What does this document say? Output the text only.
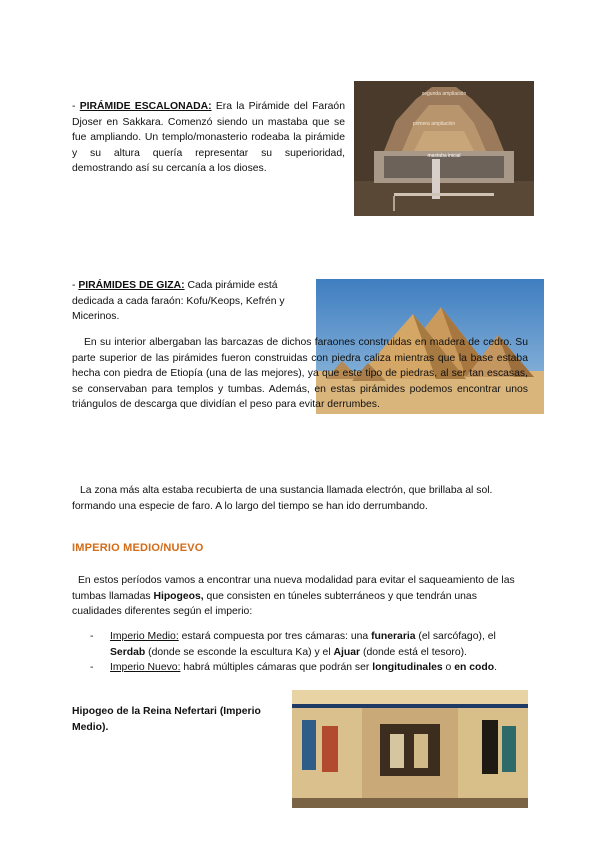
- PIRÁMIDE ESCALONADA: Era la Pirámide del Faraón Djoser en Sakkara. Comenzó siendo un mastaba que se fue ampliando. Un templo/monasterio rodeaba la pirámide y su altura quería representar su superioridad, demostrando así su cercanía a los dioses.

segunda ampliación
primera ampliación
mastaba inicial

- PIRÁMIDES DE GIZA: Cada pirámide está dedicada a cada faraón: Kofu/Keops, Kefrén y Micerinos.

En su interior albergaban las barcazas de dichos faraones construidas en madera de cedro. Su parte superior de las pirámides fueron construidas con piedra caliza mientras que la base estaba hecha con piedra de Etiopía (una de las mejores), ya que este tipo de piedras, al ser tan escasas, se conservaban para templos y tumbas. Además, en estas pirámides podemos encontrar unos triángulos de descarga que dividían el peso para evitar derrumbes.

La zona más alta estaba recubierta de una sustancia llamada electrón, que brillaba al sol. formando una especie de faro. A lo largo del tiempo se han ido derrumbando.

IMPERIO MEDIO/NUEVO

En estos períodos vamos a encontrar una nueva modalidad para evitar el saqueamiento de las tumbas llamadas Hipogeos, que consisten en túneles subterráneos y que tendrán unas cualidades diferentes según el imperio:

- Imperio Medio: estará compuesta por tres cámaras: una funeraria (el sarcófago), el Serdab (donde se esconde la escultura Ka) y el Ajuar (donde está el tesoro).
- Imperio Nuevo: habrá múltiples cámaras que podrán ser longitudinales o en codo.

Hipogeo de la Reina Nefertari (Imperio Medio).
